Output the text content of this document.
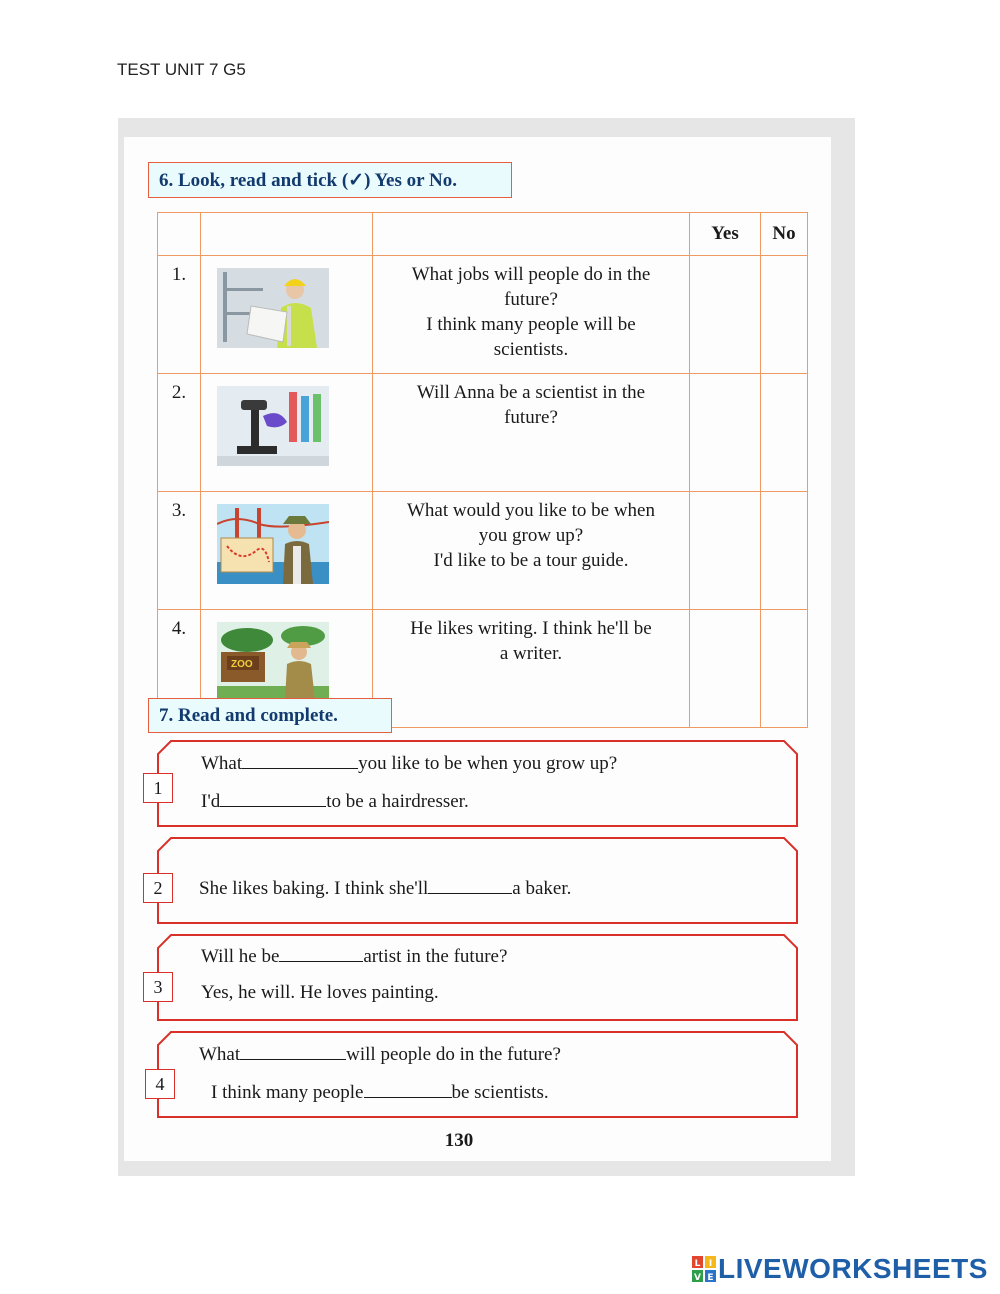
TEST UNIT 7 G5
6. Look, read and tick (✓) Yes or No.
			Yes	No
1.		What jobs will people do in the
future?
I think many people will be
scientists.		

2.		Will Anna be a scientist in the
future?		

3.		What would you like to be when
you grow up?
I'd like to be a tour guide.		

4.	ZOO	He likes writing. I think he'll be
a writer.		

7. Read and complete.
1
What	you like to be when you grow up?
I'd	to be a hairdresser.
2	She likes baking. I think she'll	a baker.
3
Will he be	artist in the future?
Yes, he will. He loves painting.
4
What	will people do in the future?
I think many people	be scientists.
130
L I
V E LIVEWORKSHEETS
